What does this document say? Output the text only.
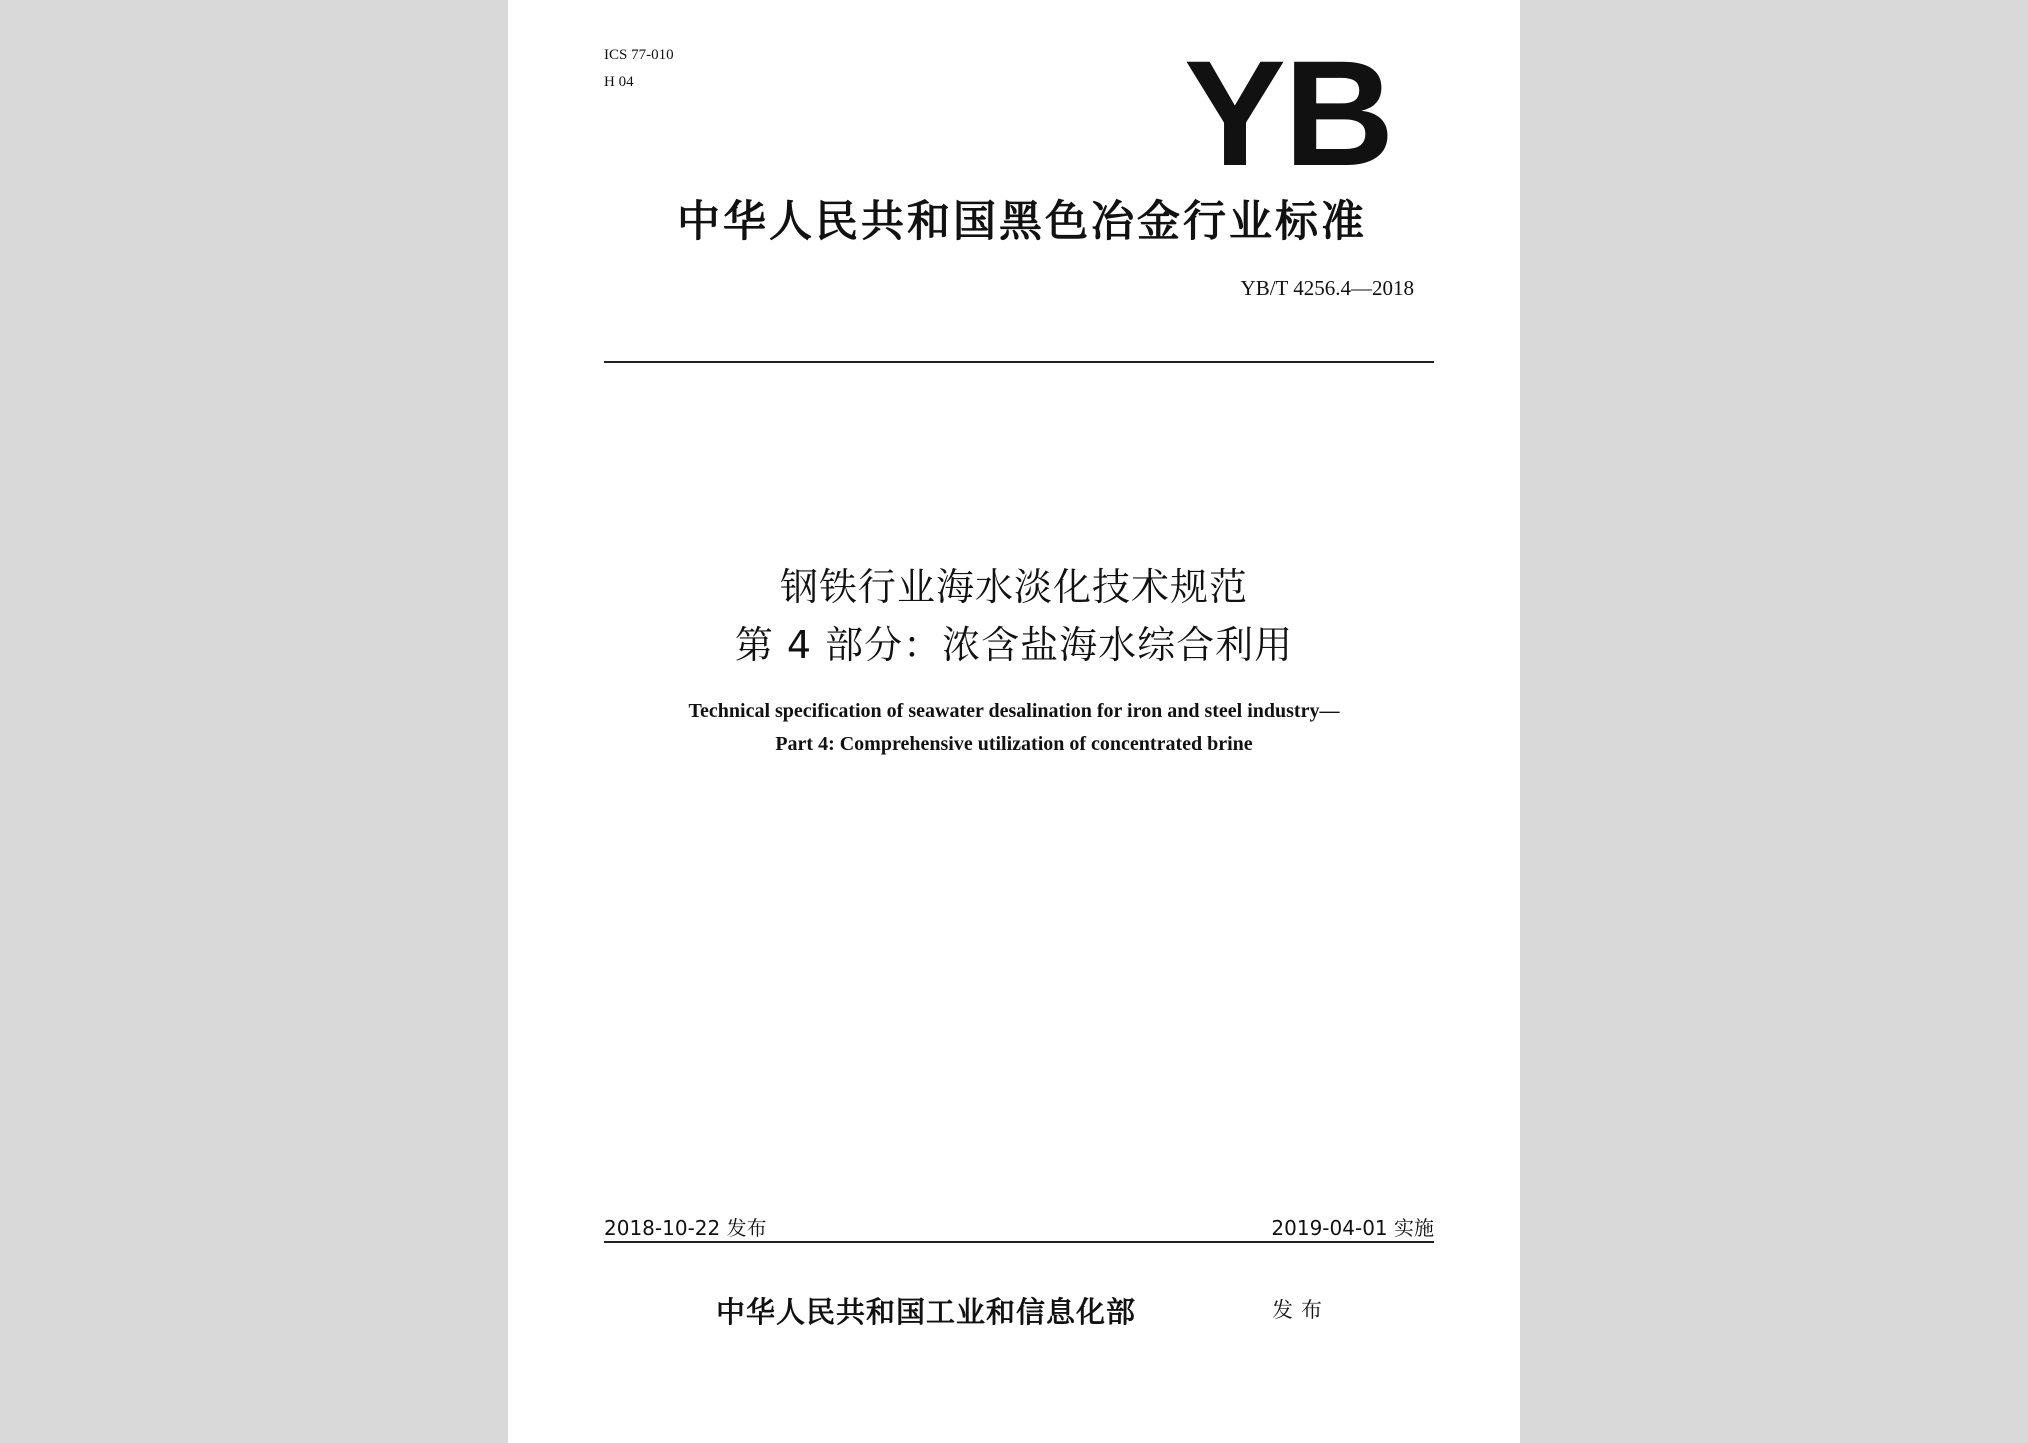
ICS 77-010
H 04	YB
中华人民共和国黑色冶金行业标准
YB/T 4256.4—2018
钢铁行业海水淡化技术规范
第 4 部分：浓含盐海水综合利用
Technical specification of seawater desalination for iron and steel industry—
Part 4: Comprehensive utilization of concentrated brine
2018-10-22 发布	2019-04-01 实施
中华人民共和国工业和信息化部	发布
